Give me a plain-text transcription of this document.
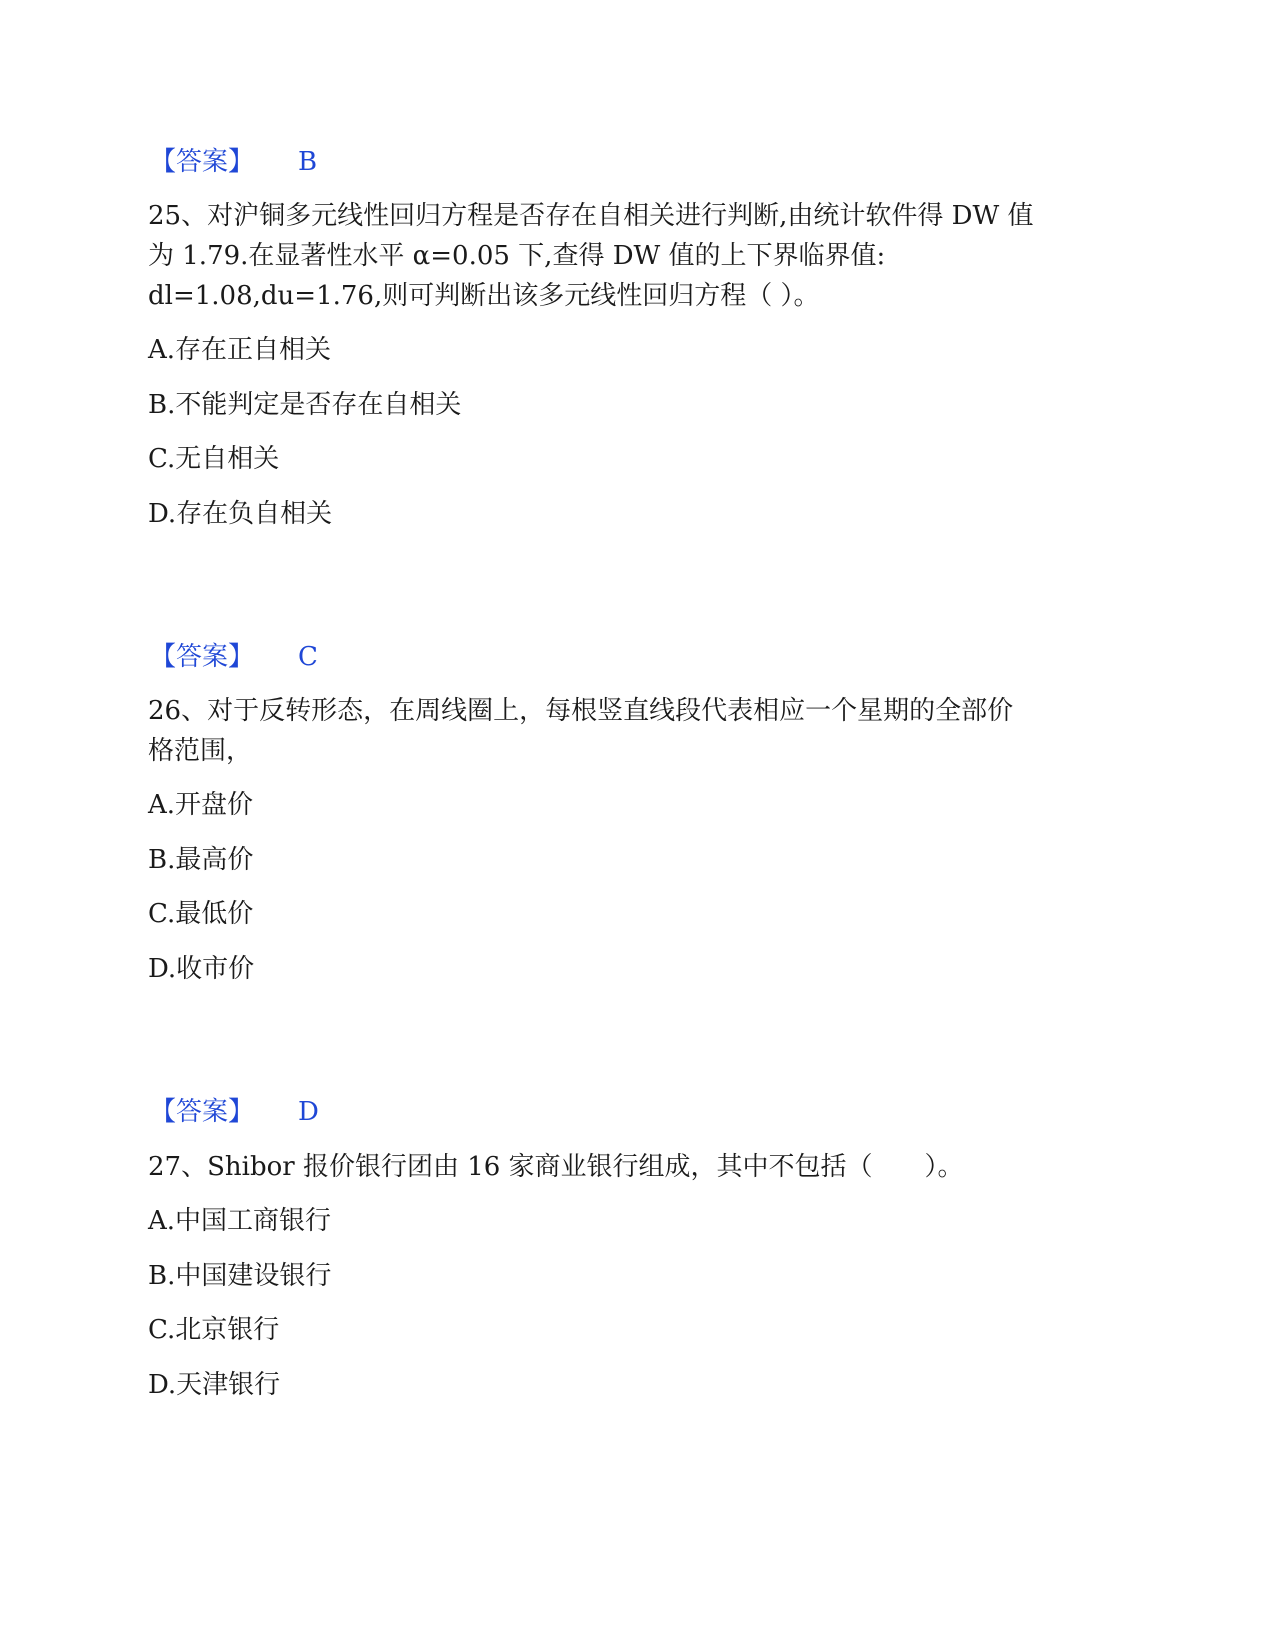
【答案】 B
25、对沪铜多元线性回归方程是否存在自相关进行判断,由统计软件得 DW 值
为 1.79.在显著性水平 α=0.05 下,查得 DW 值的上下界临界值:
dl=1.08,du=1.76,则可判断出该多元线性回归方程（ ）。
A.存在正自相关
B.不能判定是否存在自相关
C.无自相关
D.存在负自相关
【答案】 C
26、对于反转形态，在周线圈上，每根竖直线段代表相应一个星期的全部价
格范围，
A.开盘价
B.最高价
C.最低价
D.收市价
【答案】 D
27、Shibor 报价银行团由 16 家商业银行组成，其中不包括（　　）。
A.中国工商银行
B.中国建设银行
C.北京银行
D.天津银行
